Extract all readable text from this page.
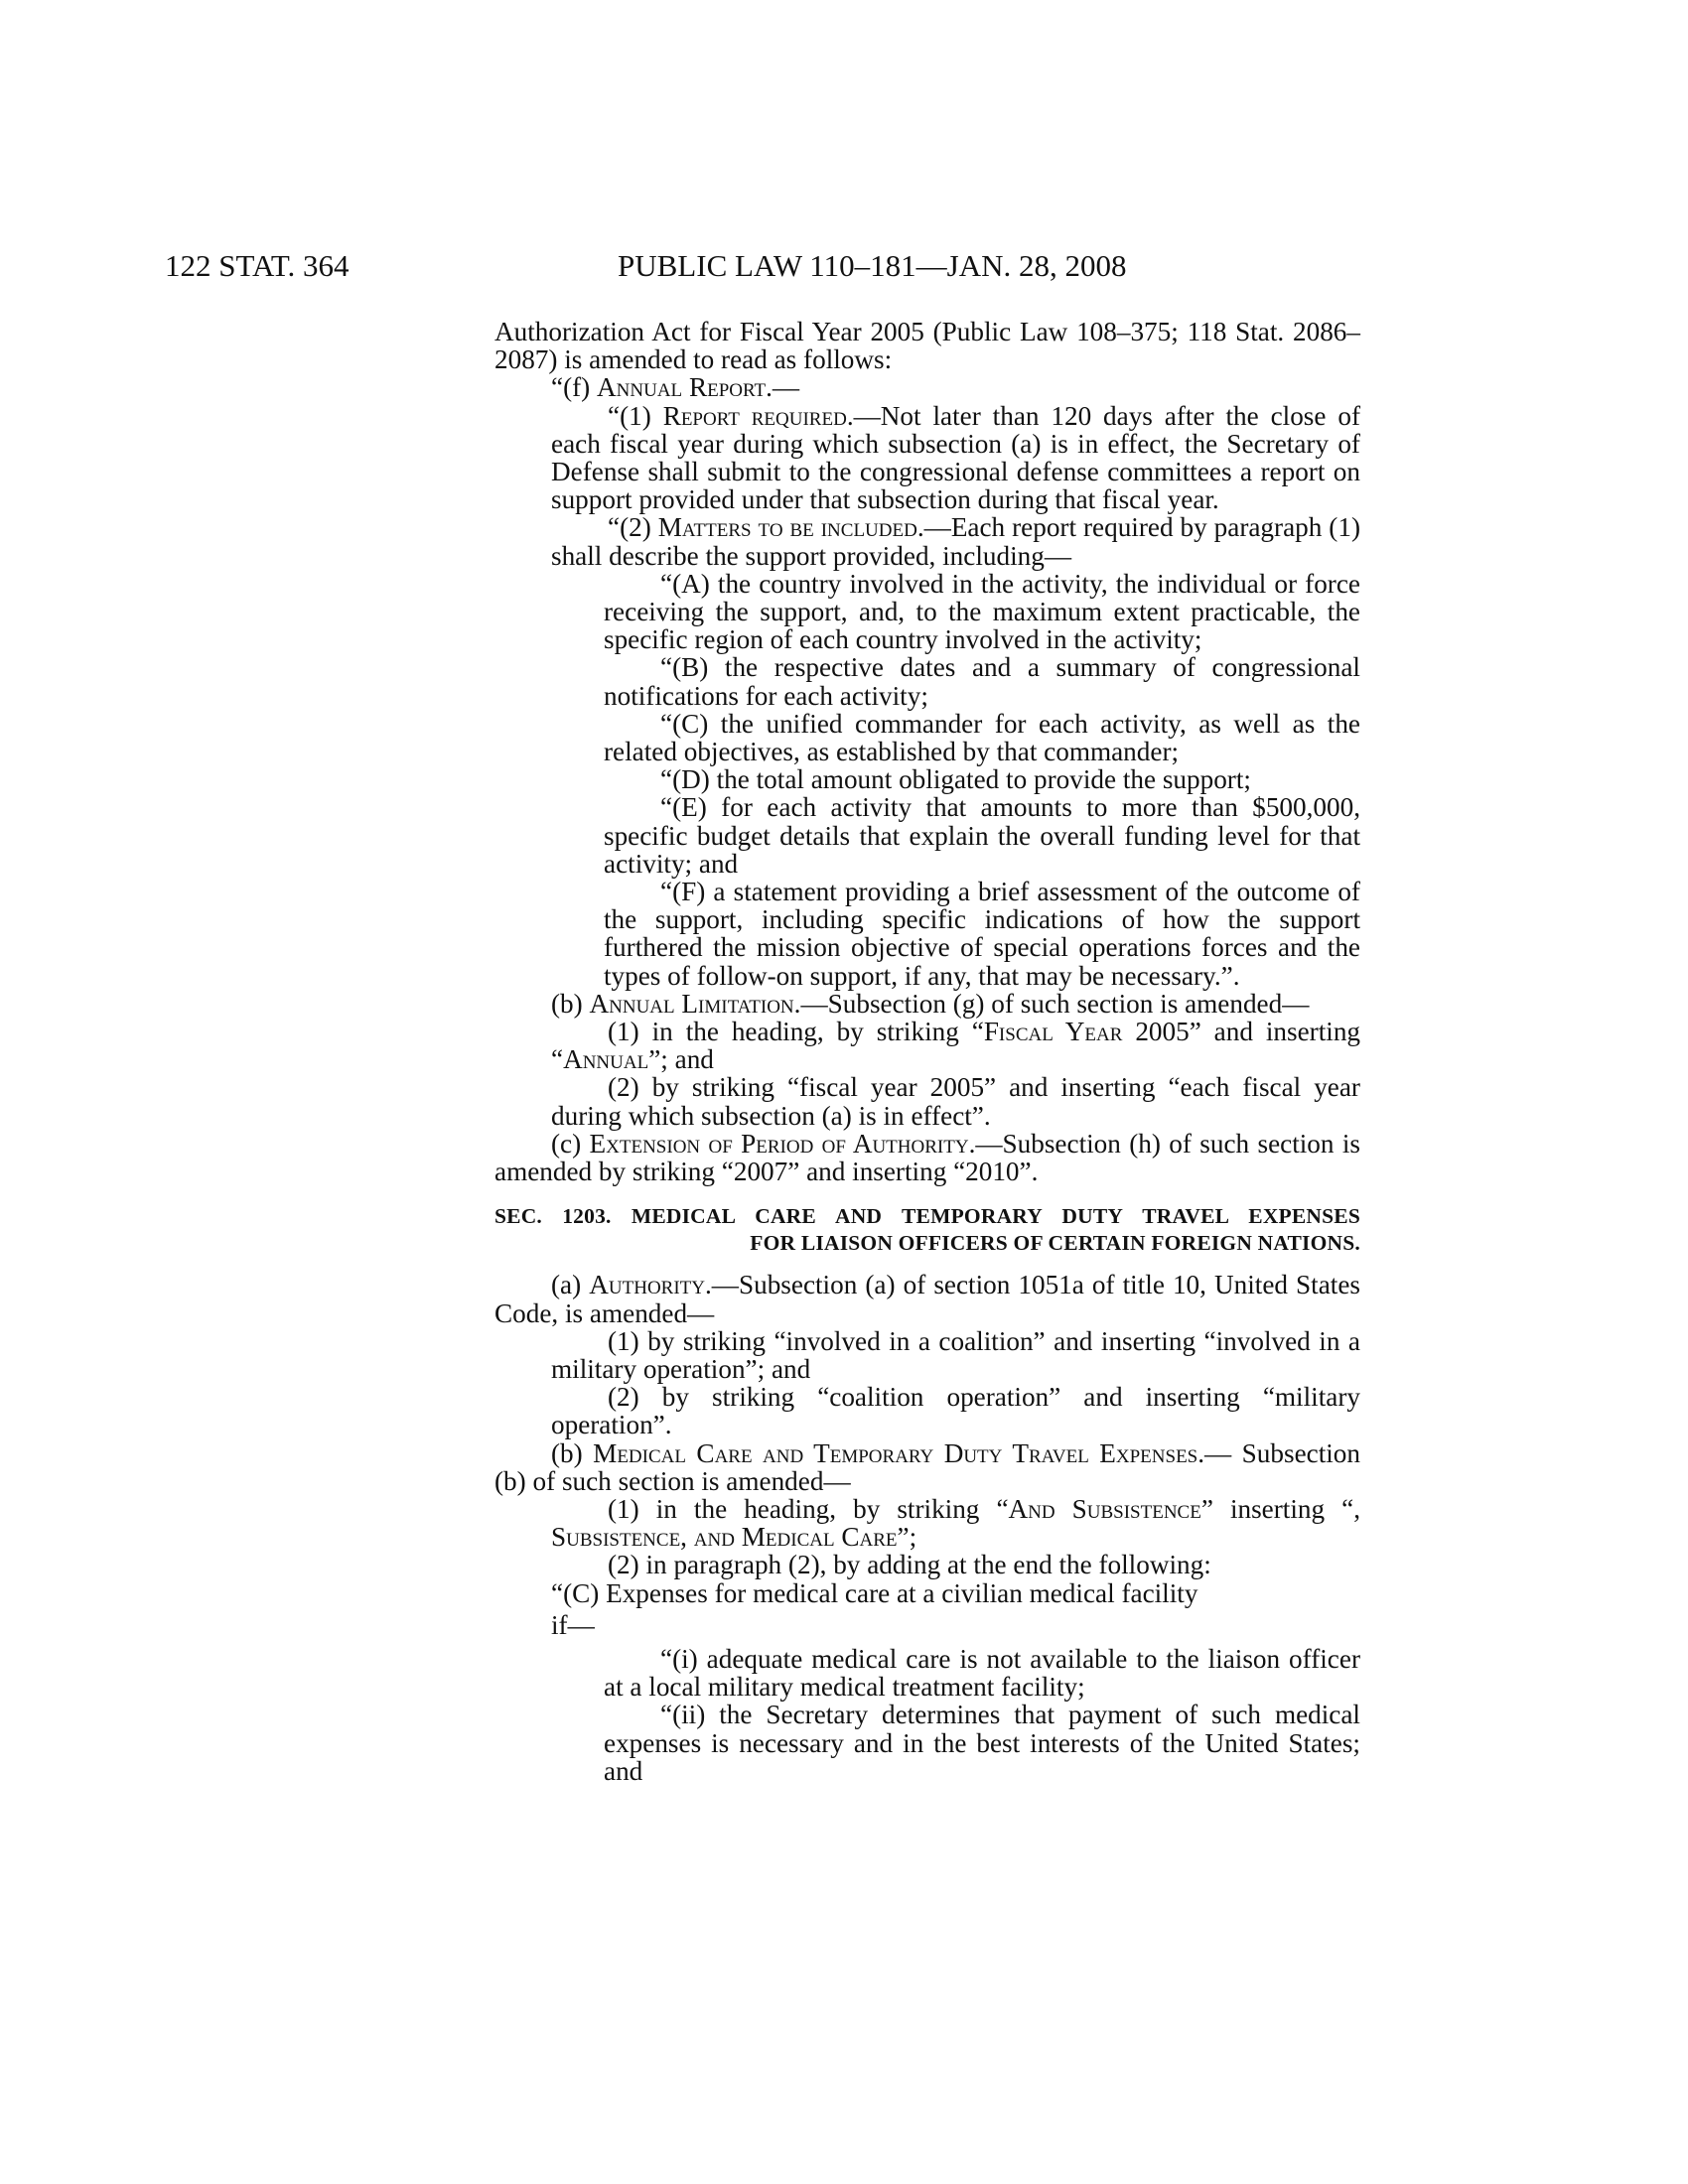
122 STAT. 364	PUBLIC LAW 110–181—JAN. 28, 2008

Authorization Act for Fiscal Year 2005 (Public Law 108–375; 118 Stat. 2086–2087) is amended to read as follows:

“(f) Annual Report.—

“(1) Report required.—Not later than 120 days after the close of each fiscal year during which subsection (a) is in effect, the Secretary of Defense shall submit to the congressional defense committees a report on support provided under that subsection during that fiscal year.

“(2) Matters to be included.—Each report required by paragraph (1) shall describe the support provided, including—

“(A) the country involved in the activity, the individual or force receiving the support, and, to the maximum extent practicable, the specific region of each country involved in the activity;

“(B) the respective dates and a summary of congressional notifications for each activity;

“(C) the unified commander for each activity, as well as the related objectives, as established by that commander;

“(D) the total amount obligated to provide the support;

“(E) for each activity that amounts to more than $500,000, specific budget details that explain the overall funding level for that activity; and

“(F) a statement providing a brief assessment of the outcome of the support, including specific indications of how the support furthered the mission objective of special operations forces and the types of follow-on support, if any, that may be necessary.”.

(b) Annual Limitation.—Subsection (g) of such section is amended—

(1) in the heading, by striking “Fiscal Year 2005” and inserting “Annual”; and

(2) by striking “fiscal year 2005” and inserting “each fiscal year during which subsection (a) is in effect”.

(c) Extension of Period of Authority.—Subsection (h) of such section is amended by striking “2007” and inserting “2010”.

SEC. 1203. MEDICAL CARE AND TEMPORARY DUTY TRAVEL EXPENSES
FOR LIAISON OFFICERS OF CERTAIN FOREIGN NATIONS.

(a) Authority.—Subsection (a) of section 1051a of title 10, United States Code, is amended—

(1) by striking “involved in a coalition” and inserting “involved in a military operation”; and

(2) by striking “coalition operation” and inserting “military operation”.

(b) Medical Care and Temporary Duty Travel Expenses.— Subsection (b) of such section is amended—

(1) in the heading, by striking “And Subsistence” inserting “, Subsistence, and Medical Care”;

(2) in paragraph (2), by adding at the end the following:

“(C) Expenses for medical care at a civilian medical facility

if—

“(i) adequate medical care is not available to the liaison officer at a local military medical treatment facility;

“(ii) the Secretary determines that payment of such medical expenses is necessary and in the best interests of the United States; and
